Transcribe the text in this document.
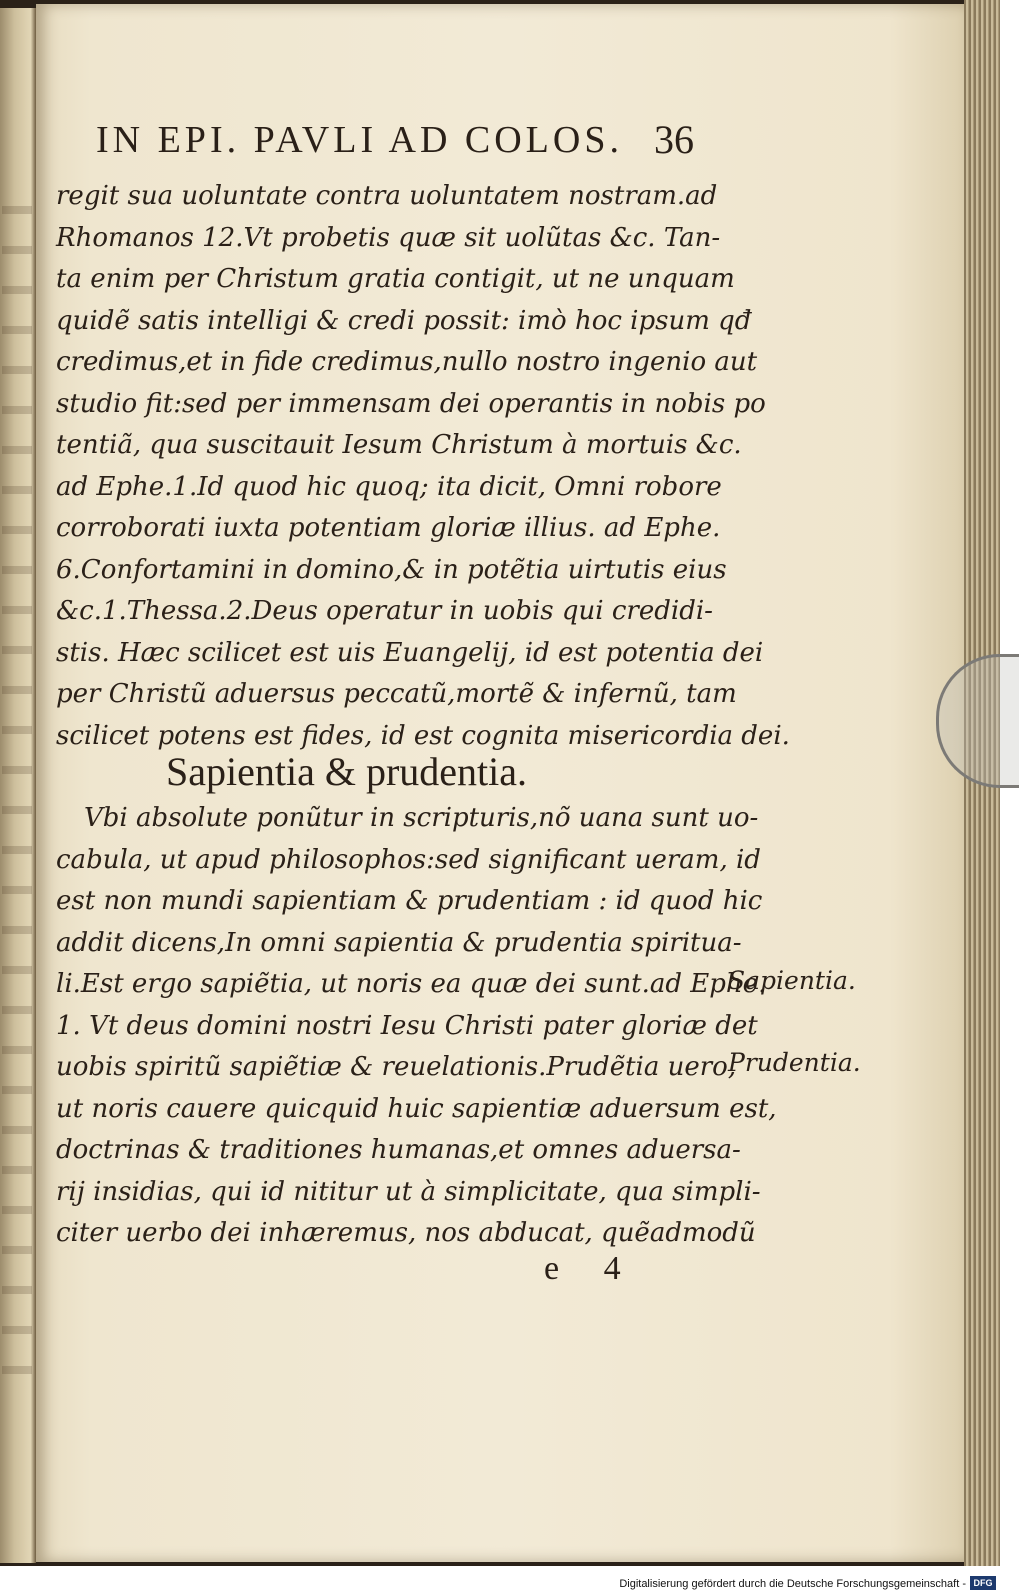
IN EPI. PAVLI AD COLOS. 36
regit sua uoluntate contra uoluntatem nostram.ad
Rhomanos 12.Vt probetis quæ sit uolũtas &c. Tan-
ta enim per Christum gratia contigit, ut ne unquam
quidẽ satis intelligi & credi possit: imò hoc ipsum qđ
credimus,et in fide credimus,nullo nostro ingenio aut
studio fit:sed per immensam dei operantis in nobis po
tentiã, qua suscitauit Iesum Christum à mortuis &c.
ad Ephe.1.Id quod hic quoq; ita dicit, Omni robore
corroborati iuxta potentiam gloriæ illius. ad Ephe.
6.Confortamini in domino,& in potẽtia uirtutis eius
&c.1.Thessa.2.Deus operatur in uobis qui credidi-
stis. Hæc scilicet est uis Euangelij, id est potentia dei
per Christũ aduersus peccatũ,mortẽ & infernũ, tam
scilicet potens est fides, id est cognita misericordia dei.
Sapientia & prudentia.
Vbi absolute ponũtur in scripturis,nõ uana sunt uo-
cabula, ut apud philosophos:sed significant ueram, id
est non mundi sapientiam & prudentiam : id quod hic
addit dicens,In omni sapientia & prudentia spiritua-
li.Est ergo sapiẽtia, ut noris ea quæ dei sunt.ad Ephe.
1. Vt deus domini nostri Iesu Christi pater gloriæ det
uobis spiritũ sapiẽtiæ & reuelationis.Prudẽtia uero,
ut noris cauere quicquid huic sapientiæ aduersum est,
doctrinas & traditiones humanas,et omnes aduersa-
rij insidias, qui id nititur ut à simplicitate, qua simpli-
citer uerbo dei inhæremus, nos abducat, quẽadmodũ
Sapientia.
Prudentia.
e 4
Digitalisierung gefördert durch die Deutsche Forschungsgemeinschaft - DFG
